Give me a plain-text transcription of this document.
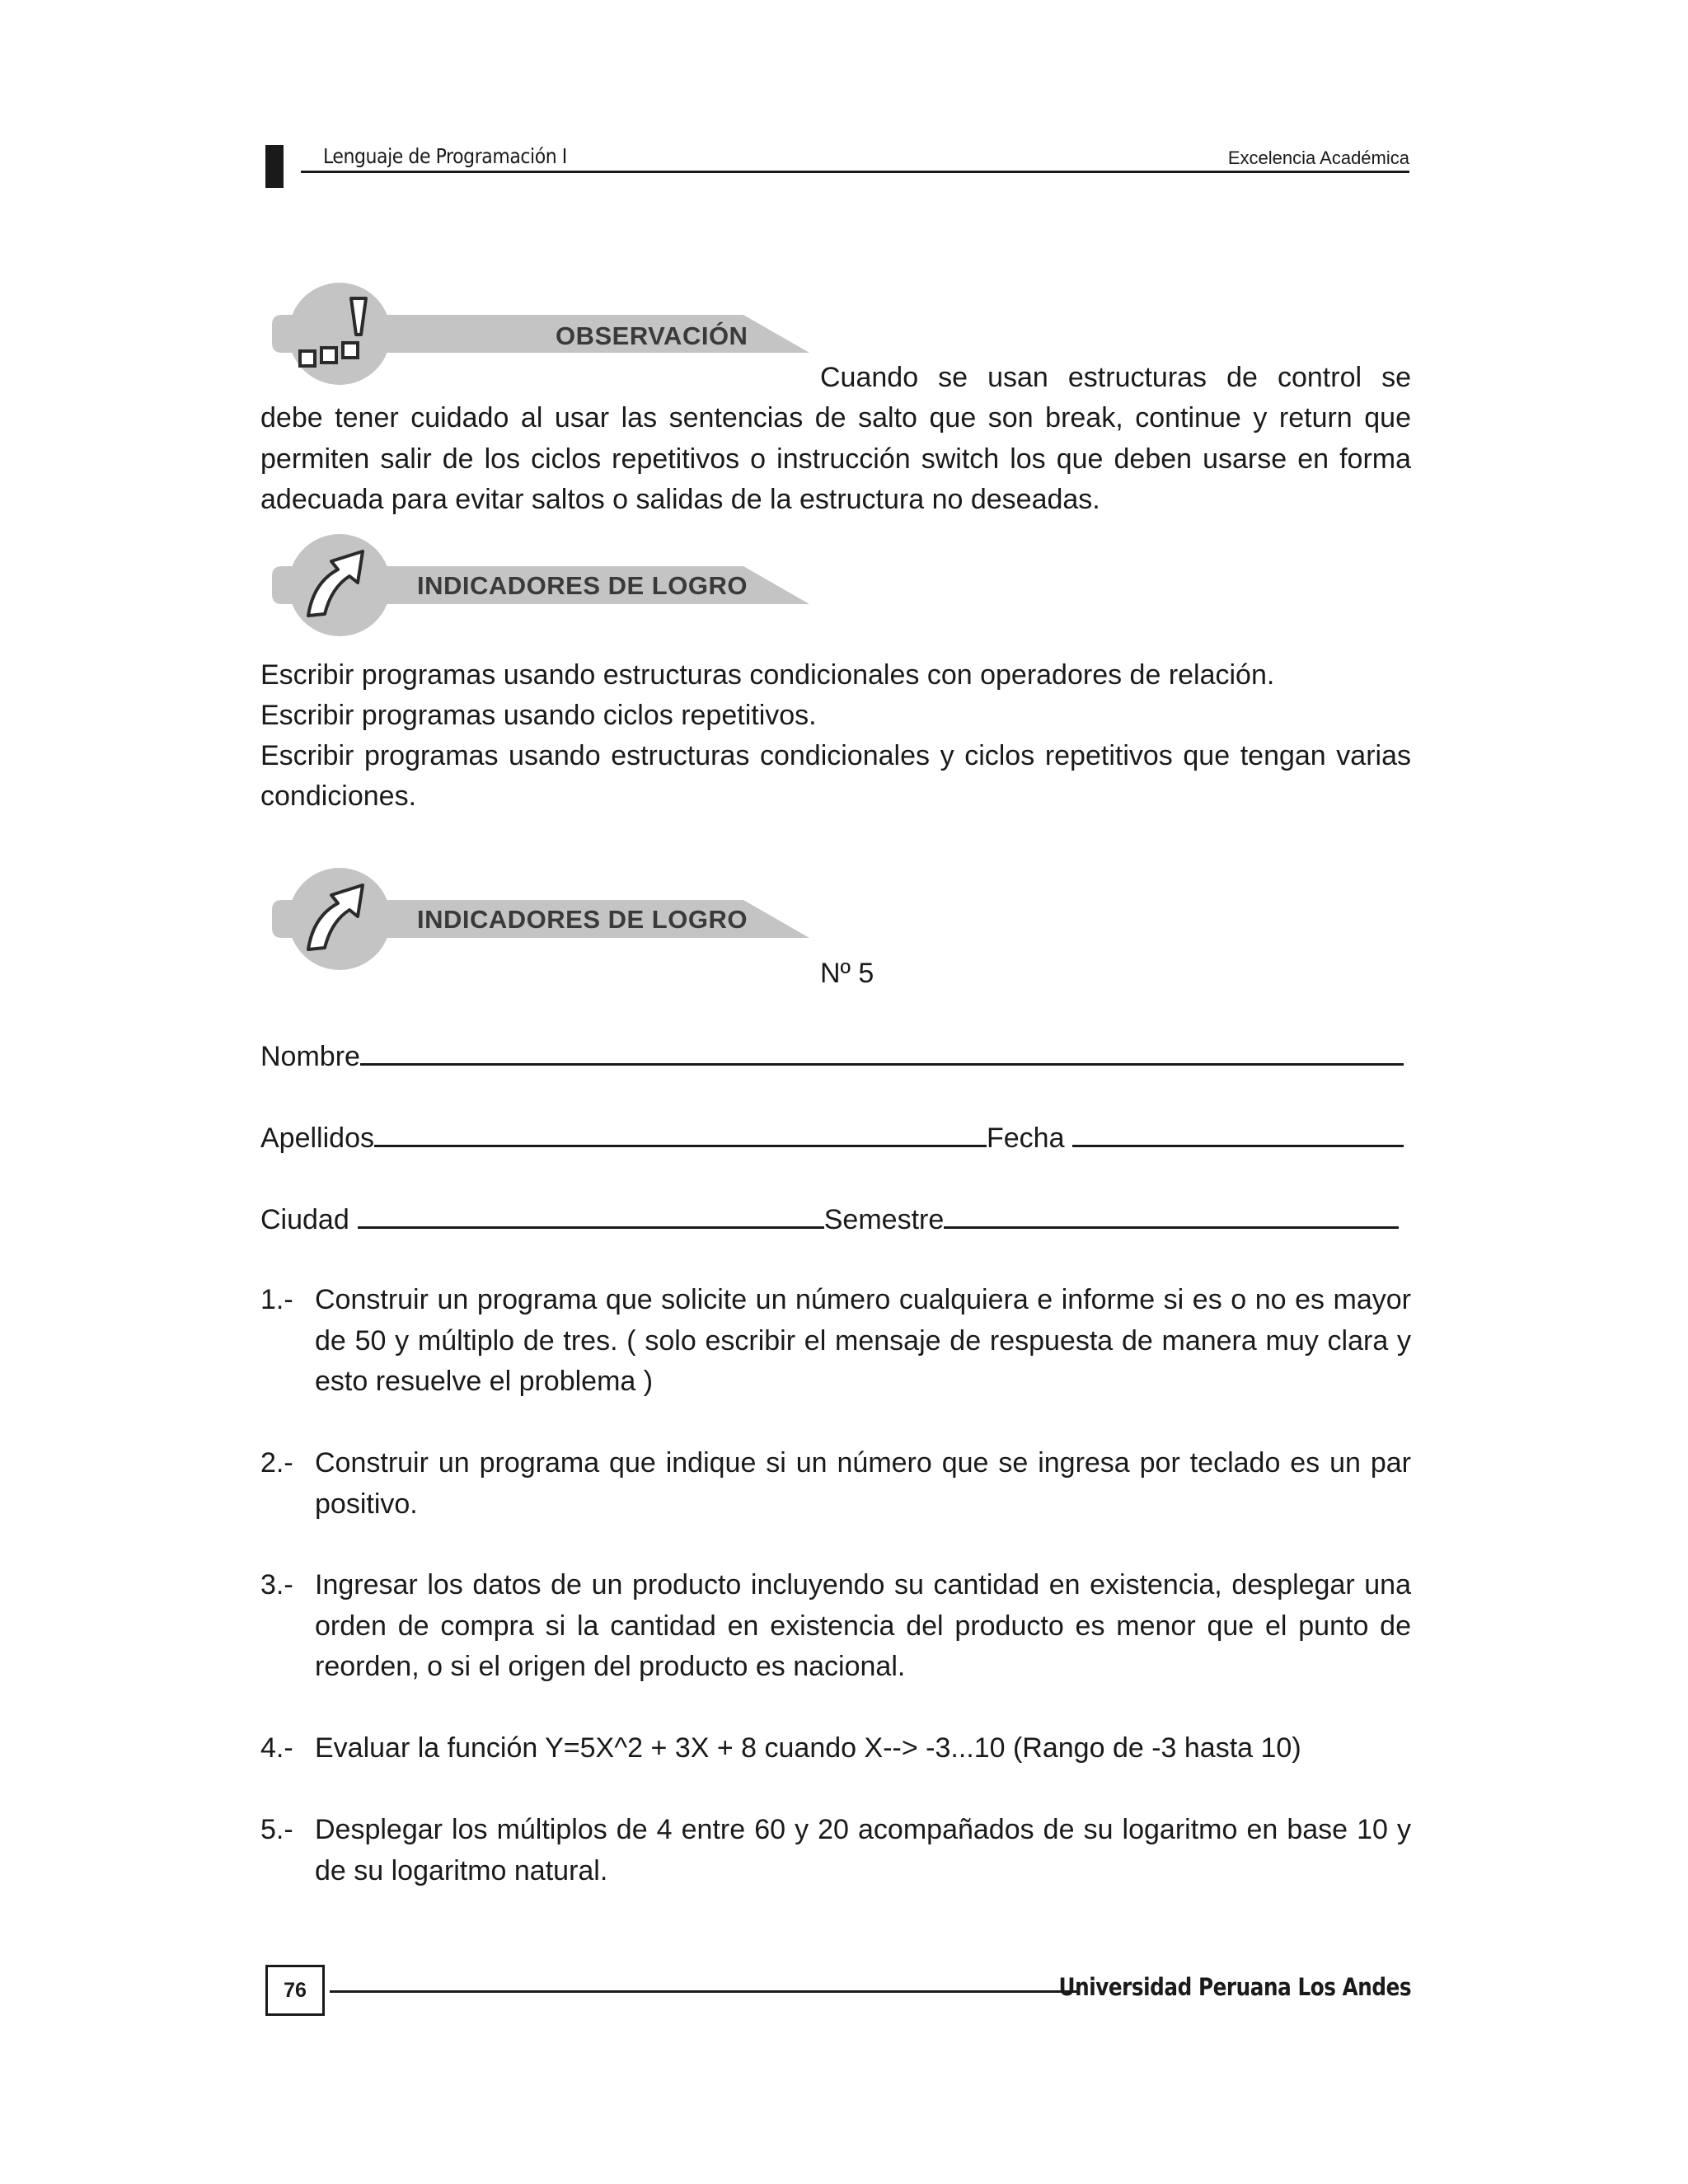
Lenguaje de Programación I	Excelencia Académica
OBSERVACIÓN
Cuando se usan estructuras de control se
debe tener cuidado al usar las sentencias de salto que son break, continue y return que
permiten salir de los ciclos repetitivos o instrucción switch los que deben usarse en forma
adecuada para evitar saltos o salidas de la estructura no deseadas.
INDICADORES DE LOGRO
Escribir programas usando estructuras condicionales con operadores de relación.
Escribir programas usando ciclos repetitivos.
Escribir programas usando estructuras condicionales y ciclos repetitivos que tengan varias
condiciones.
INDICADORES DE LOGRO
Nº 5
Nombre
Apellidos	Fecha
Ciudad	Semestre
1.- Construir un programa que solicite un número cualquiera e informe si es o no es mayor de 50 y múltiplo de tres. ( solo escribir el mensaje de respuesta de manera muy clara y esto resuelve el problema )
2.- Construir un programa que indique si un número que se ingresa por teclado es un par positivo.
3.- Ingresar los datos de un producto incluyendo su cantidad en existencia, desplegar una orden de compra si la cantidad en existencia del producto es menor que el punto de reorden, o si el origen del producto es nacional.
4.- Evaluar la función Y=5X^2 + 3X + 8 cuando X--> -3...10 (Rango de -3 hasta 10)
5.- Desplegar los múltiplos de 4 entre 60 y 20 acompañados de su logaritmo en base 10 y de su logaritmo natural.
76	Universidad Peruana Los Andes
